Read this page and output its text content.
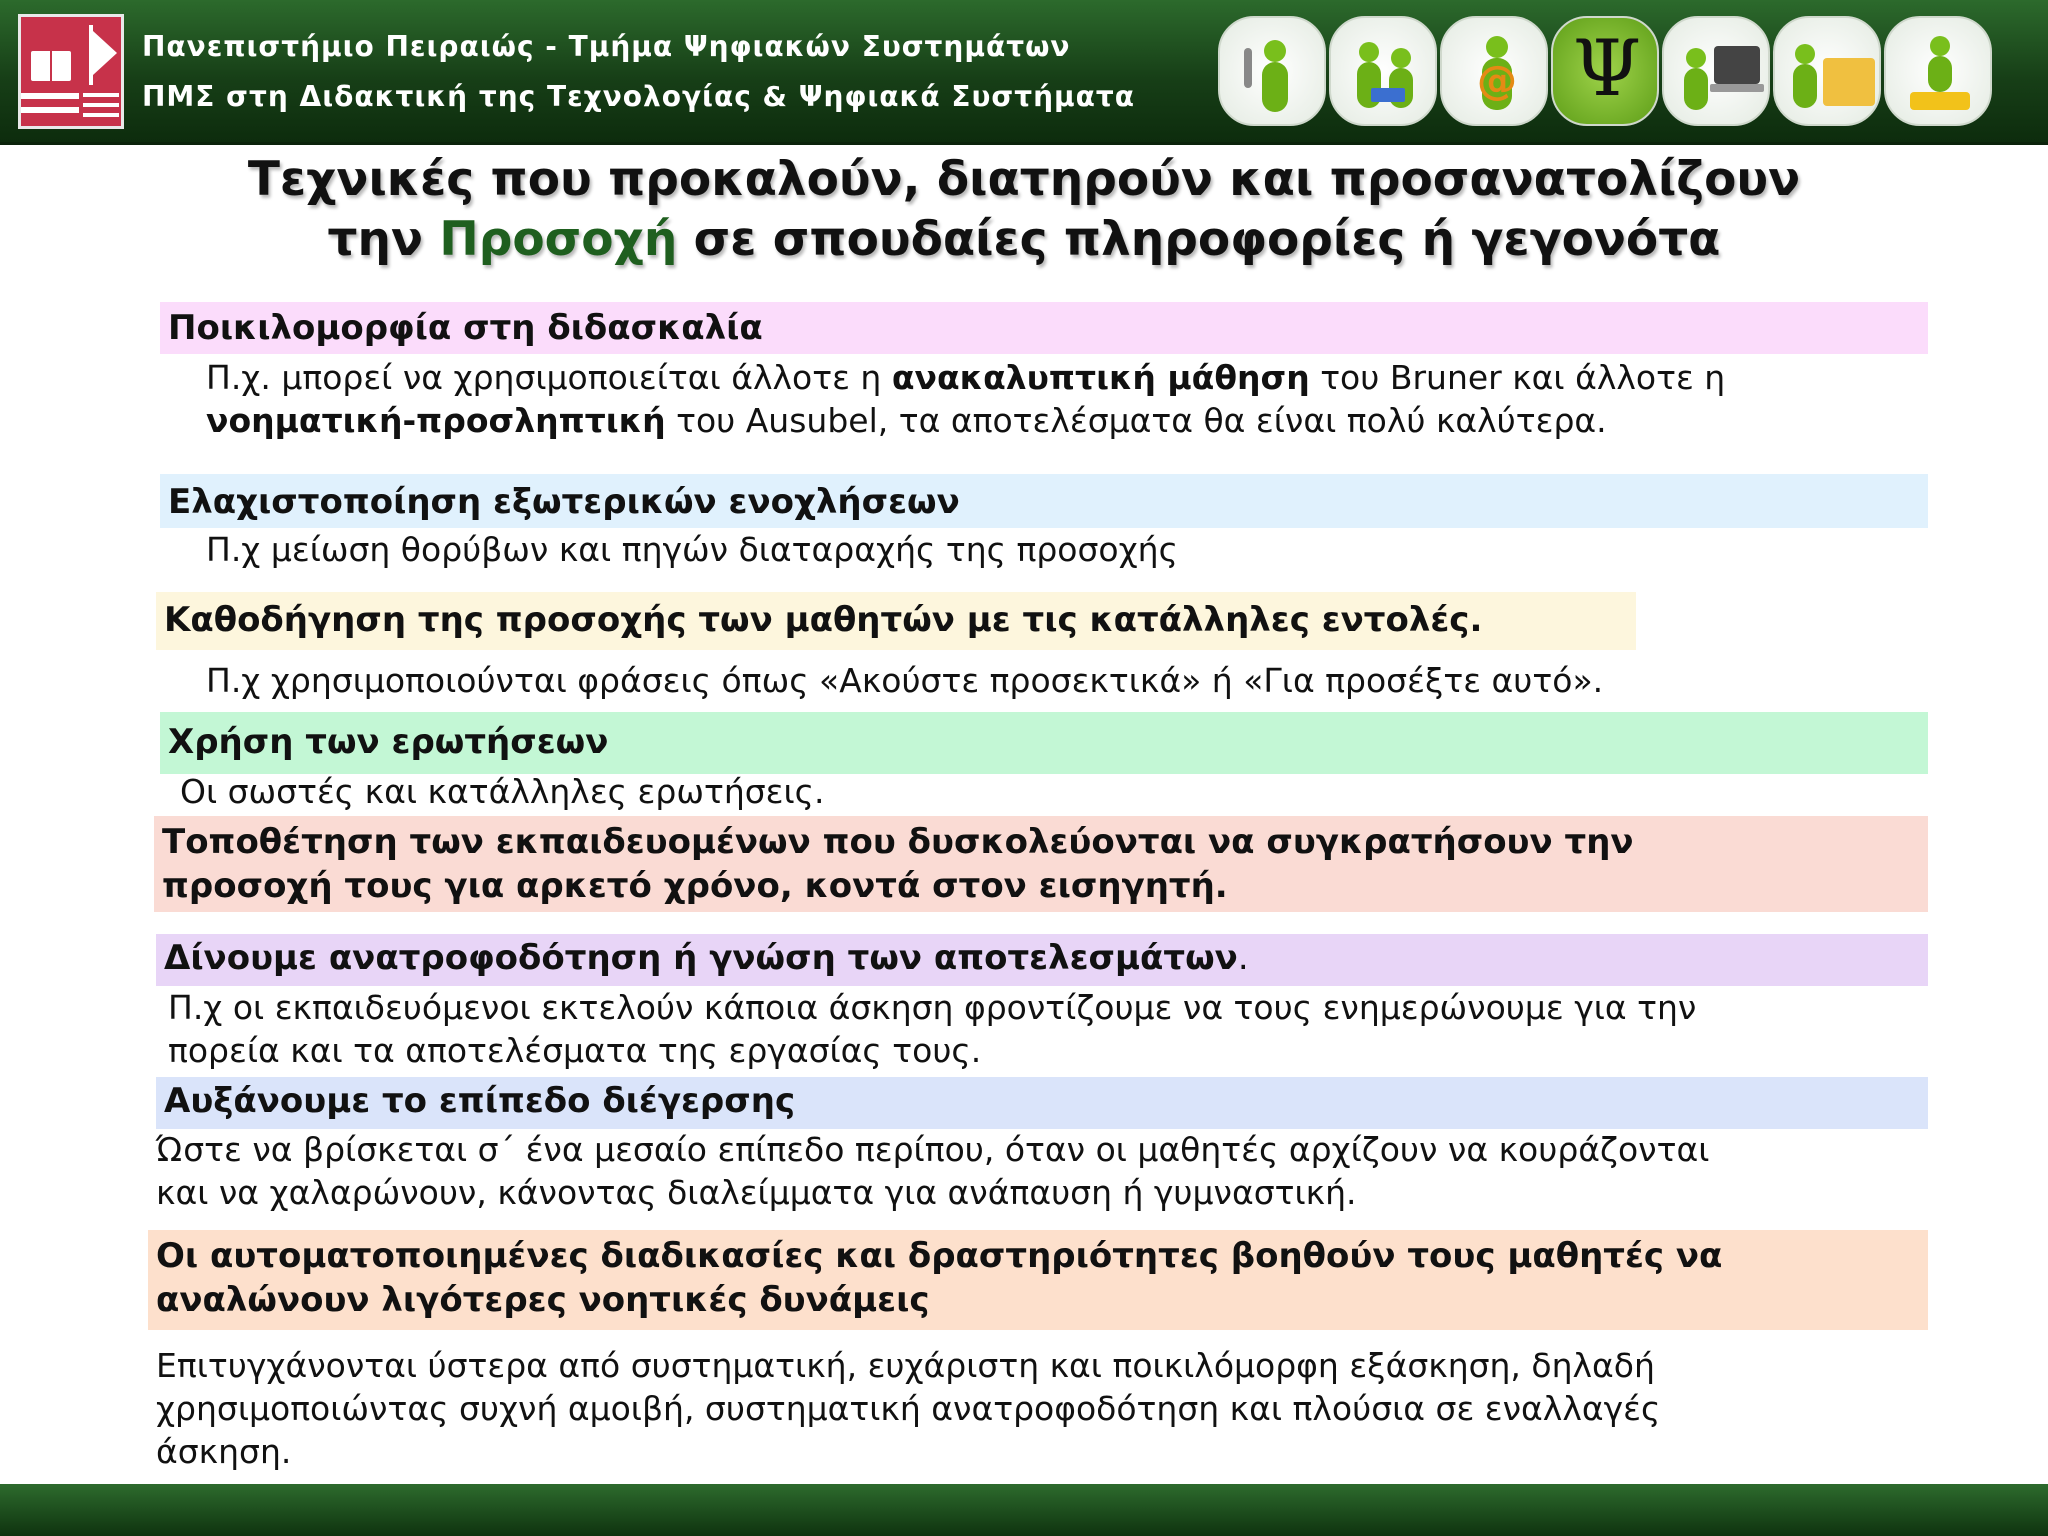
Πανεπιστήμιο Πειραιώς - Τμήμα Ψηφιακών Συστημάτων
ΠΜΣ στη Διδακτική της Τεχνολογίας & Ψηφιακά Συστήματα	@ Ψ
Τεχνικές που προκαλούν, διατηρούν και προσανατολίζουν
την Προσοχή σε σπουδαίες πληροφορίες ή γεγονότα
Ποικιλομορφία στη διδασκαλία
Π.χ. μπορεί να χρησιμοποιείται άλλοτε η ανακαλυπτική μάθηση του Bruner και άλλοτε η
νοηματική-προσληπτική του Ausubel, τα αποτελέσματα θα είναι πολύ καλύτερα.
Ελαχιστοποίηση εξωτερικών ενοχλήσεων
Π.χ μείωση θορύβων και πηγών διαταραχής της προσοχής
Καθοδήγηση της προσοχής των μαθητών με τις κατάλληλες εντολές.
Π.χ χρησιμοποιούνται φράσεις όπως «Ακούστε προσεκτικά» ή «Για προσέξτε αυτό».
Χρήση των ερωτήσεων
Οι σωστές και κατάλληλες ερωτήσεις.
Τοποθέτηση των εκπαιδευομένων που δυσκολεύονται να συγκρατήσουν την
προσοχή τους για αρκετό χρόνο, κοντά στον εισηγητή.
Δίνουμε ανατροφοδότηση ή γνώση των αποτελεσμάτων.
Π.χ οι εκπαιδευόμενοι εκτελούν κάποια άσκηση φροντίζουμε να τους ενημερώνουμε για την
πορεία και τα αποτελέσματα της εργασίας τους.
Αυξάνουμε το επίπεδο διέγερσης
Ώστε να βρίσκεται σ΄ ένα μεσαίο επίπεδο περίπου, όταν οι μαθητές αρχίζουν να κουράζονται
και να χαλαρώνουν, κάνοντας διαλείμματα για ανάπαυση ή γυμναστική.
Οι αυτοματοποιημένες διαδικασίες και δραστηριότητες βοηθούν τους μαθητές να
αναλώνουν λιγότερες νοητικές δυνάμεις
Επιτυγχάνονται ύστερα από συστηματική, ευχάριστη και ποικιλόμορφη εξάσκηση, δηλαδή
χρησιμοποιώντας συχνή αμοιβή, συστηματική ανατροφοδότηση και πλούσια σε εναλλαγές
άσκηση.
